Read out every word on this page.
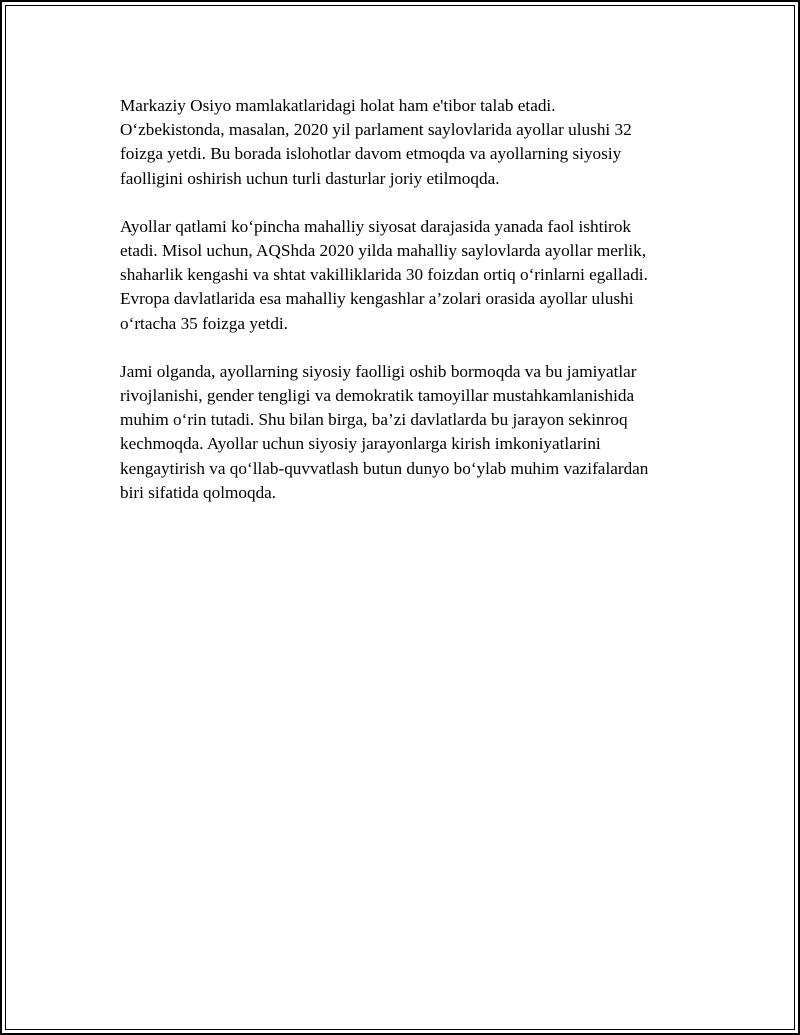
Markaziy Osiyo mamlakatlaridagi holat ham e'tibor talab etadi.
O‘zbekistonda, masalan, 2020 yil parlament saylovlarida ayollar ulushi 32
foizga yetdi. Bu borada islohotlar davom etmoqda va ayollarning siyosiy
faolligini oshirish uchun turli dasturlar joriy etilmoqda.

Ayollar qatlami ko‘pincha mahalliy siyosat darajasida yanada faol ishtirok
etadi. Misol uchun, AQShda 2020 yilda mahalliy saylovlarda ayollar merlik,
shaharlik kengashi va shtat vakilliklarida 30 foizdan ortiq o‘rinlarni egalladi.
Evropa davlatlarida esa mahalliy kengashlar a’zolari orasida ayollar ulushi
o‘rtacha 35 foizga yetdi.

Jami olganda, ayollarning siyosiy faolligi oshib bormoqda va bu jamiyatlar
rivojlanishi, gender tengligi va demokratik tamoyillar mustahkamlanishida
muhim o‘rin tutadi. Shu bilan birga, ba’zi davlatlarda bu jarayon sekinroq
kechmoqda. Ayollar uchun siyosiy jarayonlarga kirish imkoniyatlarini
kengaytirish va qo‘llab-quvvatlash butun dunyo bo‘ylab muhim vazifalardan
biri sifatida qolmoqda.
